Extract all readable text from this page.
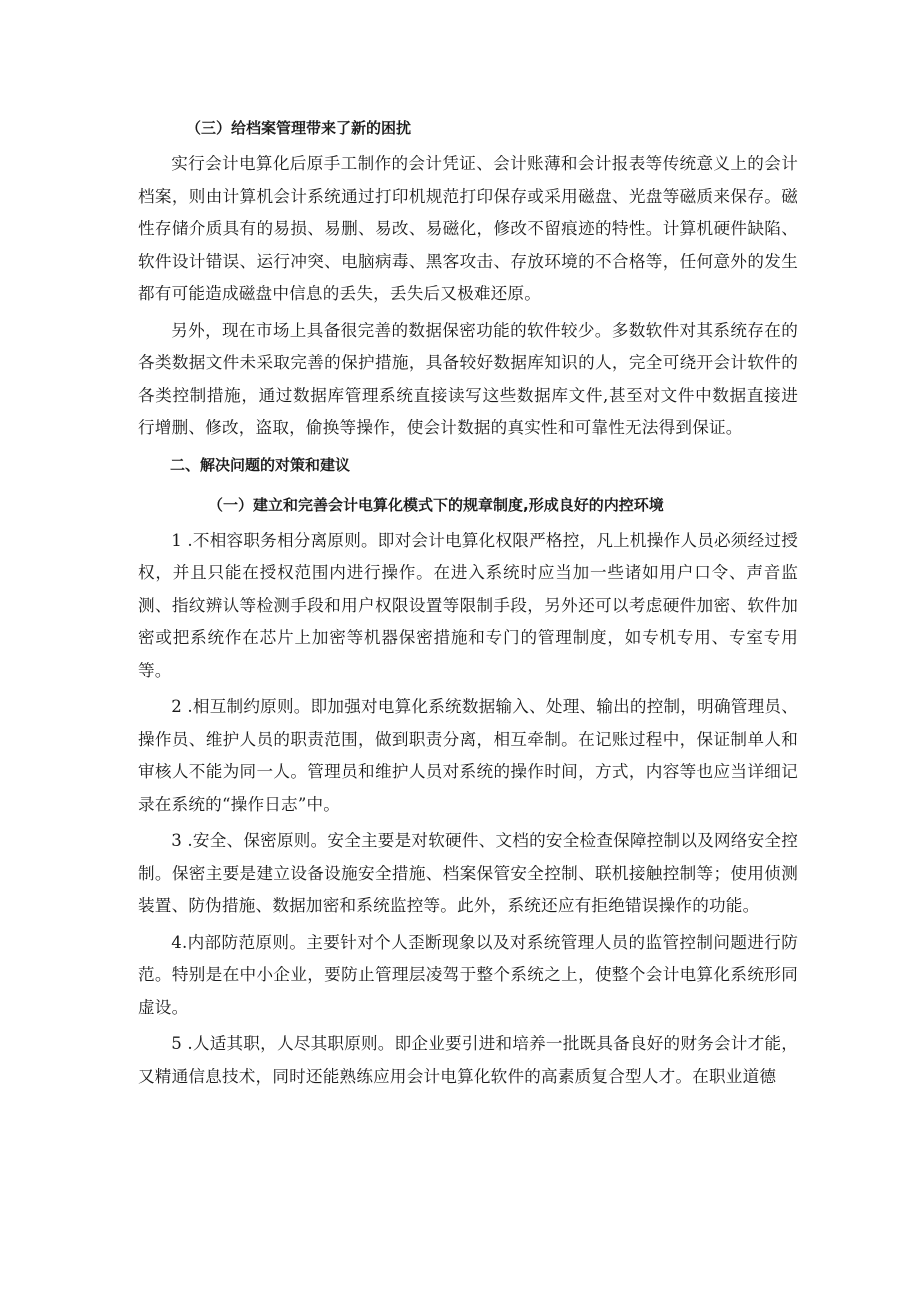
（三）给档案管理带来了新的困扰

实行会计电算化后原手工制作的会计凭证、会计账薄和会计报表等传统意义上的会计档案，则由计算机会计系统通过打印机规范打印保存或采用磁盘、光盘等磁质来保存。磁性存储介质具有的易损、易删、易改、易磁化，修改不留痕迹的特性。计算机硬件缺陷、软件设计错误、运行冲突、电脑病毒、黑客攻击、存放环境的不合格等，任何意外的发生都有可能造成磁盘中信息的丢失，丢失后又极难还原。

另外，现在市场上具备很完善的数据保密功能的软件较少。多数软件对其系统存在的各类数据文件未采取完善的保护措施，具备较好数据库知识的人，完全可绕开会计软件的各类控制措施，通过数据库管理系统直接读写这些数据库文件,甚至对文件中数据直接进行增删、修改，盗取，偷换等操作，使会计数据的真实性和可靠性无法得到保证。

二、解决问题的对策和建议
（一）建立和完善会计电算化模式下的规章制度,形成良好的内控环境

1 .不相容职务相分离原则。即对会计电算化权限严格控，凡上机操作人员必须经过授权，并且只能在授权范围内进行操作。在进入系统时应当加一些诸如用户口令、声音监测、指纹辨认等检测手段和用户权限设置等限制手段，另外还可以考虑硬件加密、软件加密或把系统作在芯片上加密等机器保密措施和专门的管理制度，如专机专用、专室专用等。

2 .相互制约原则。即加强对电算化系统数据输入、处理、输出的控制，明确管理员、操作员、维护人员的职责范围，做到职责分离，相互牵制。在记账过程中，保证制单人和审核人不能为同一人。管理员和维护人员对系统的操作时间，方式，内容等也应当详细记录在系统的“操作日志”中。

3 .安全、保密原则。安全主要是对软硬件、文档的安全检查保障控制以及网络安全控制。保密主要是建立设备设施安全措施、档案保管安全控制、联机接触控制等；使用侦测装置、防伪措施、数据加密和系统监控等。此外，系统还应有拒绝错误操作的功能。

4.内部防范原则。主要针对个人歪断现象以及对系统管理人员的监管控制问题进行防范。特别是在中小企业，要防止管理层凌驾于整个系统之上，使整个会计电算化系统形同虚设。

5 .人适其职，人尽其职原则。即企业要引进和培养一批既具备良好的财务会计才能，又精通信息技术，同时还能熟练应用会计电算化软件的高素质复合型人才。在职业道德
